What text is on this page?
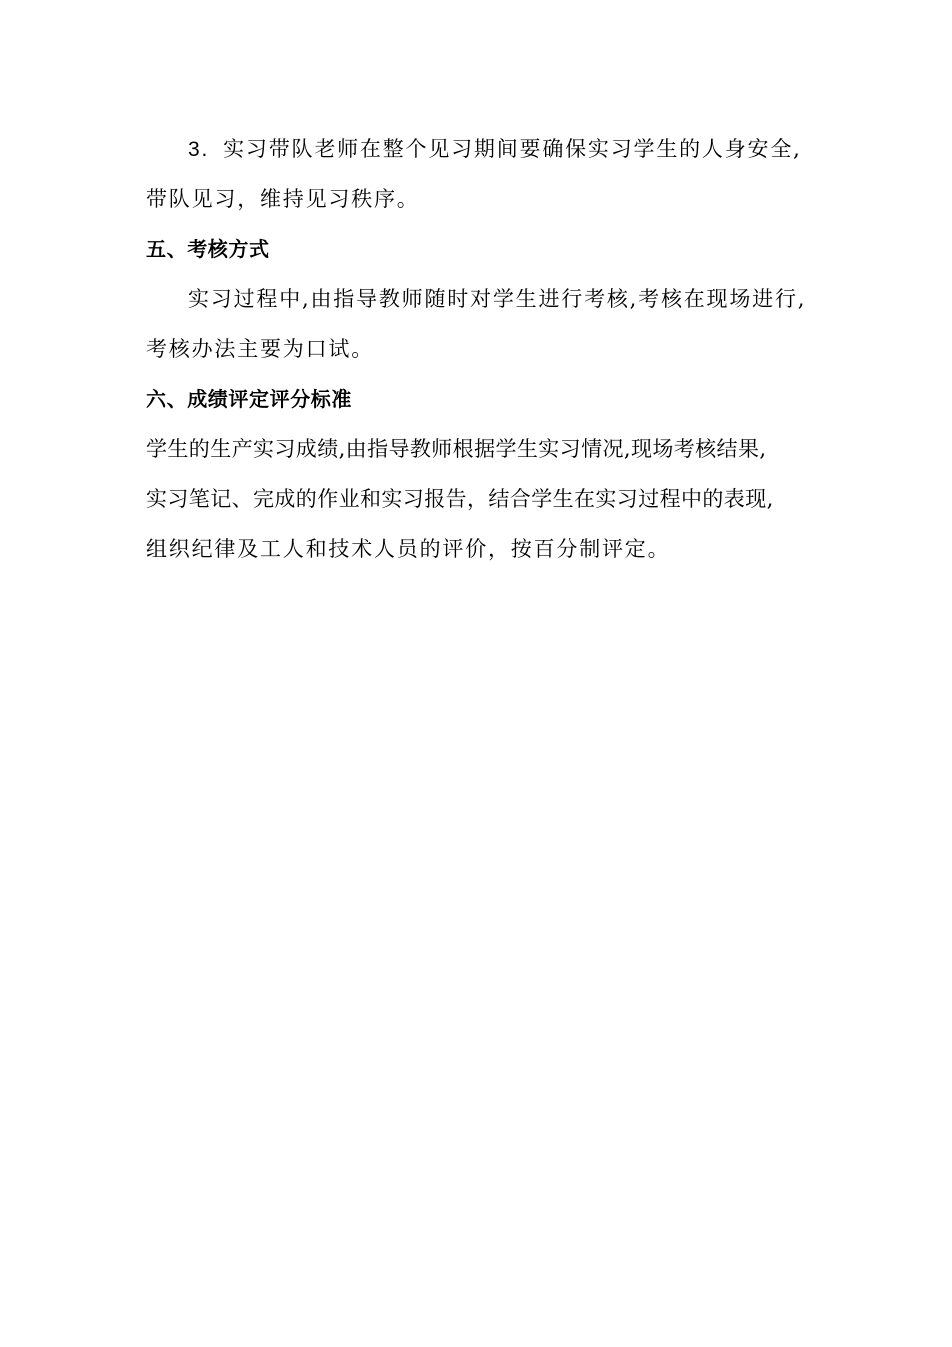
3. 实习带队老师在整个见习期间要确保实习学生的人身安全,
带队见习，维持见习秩序。
五、考核方式
实习过程中,由指导教师随时对学生进行考核,考核在现场进行,
考核办法主要为口试。
六、成绩评定评分标准
学生的生产实习成绩,由指导教师根据学生实习情况,现场考核结果,
实习笔记、完成的作业和实习报告，结合学生在实习过程中的表现,
组织纪律及工人和技术人员的评价，按百分制评定。
